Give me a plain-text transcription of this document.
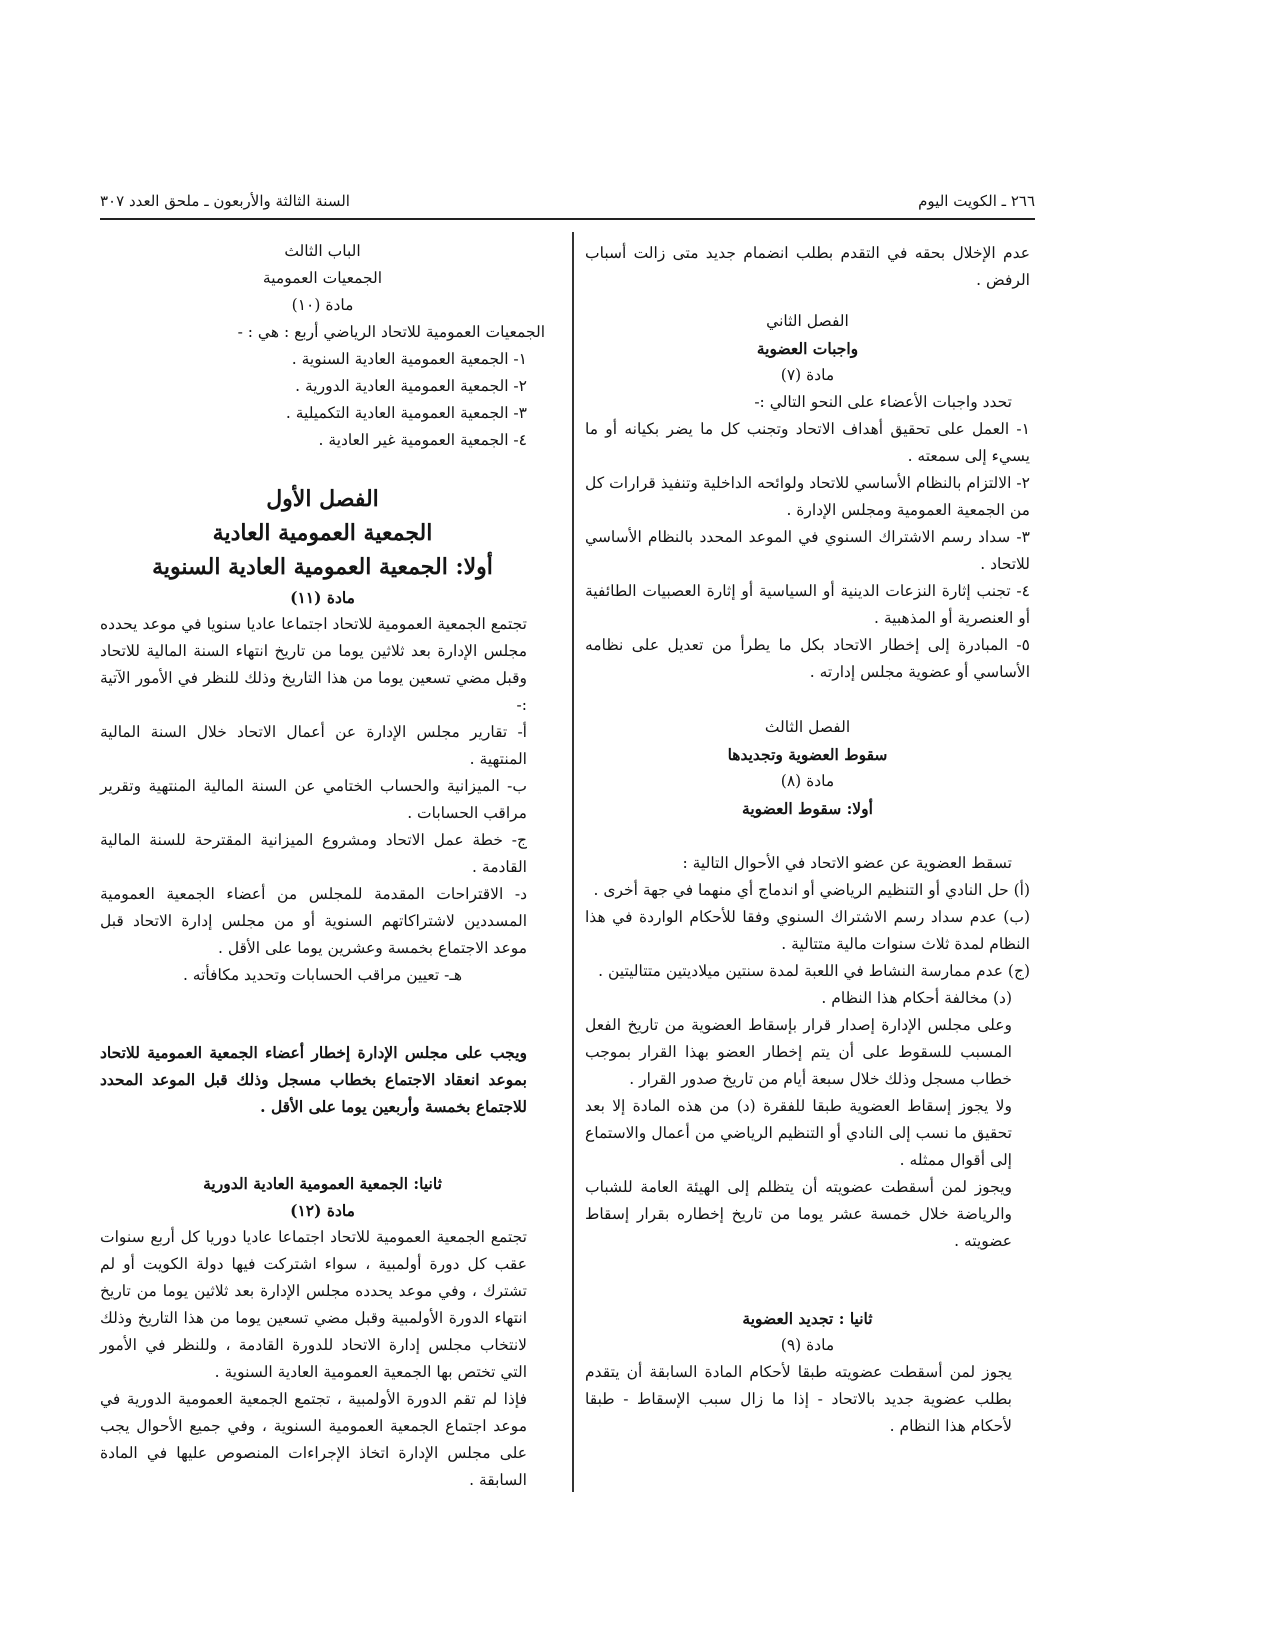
٢٦٦ ـ الكويت اليوم
السنة الثالثة والأربعون ـ ملحق العدد ٣٠٧

عدم الإخلال بحقه في التقدم بطلب انضمام جديد متى زالت أسباب الرفض .

الفصل الثاني

واجبات العضوية

مادة (٧)

تحدد واجبات الأعضاء على النحو التالي :-

١- العمل على تحقيق أهداف الاتحاد وتجنب كل ما يضر بكيانه أو ما يسيء إلى سمعته .

٢- الالتزام بالنظام الأساسي للاتحاد ولوائحه الداخلية وتنفيذ قرارات كل من الجمعية العمومية ومجلس الإدارة .

٣- سداد رسم الاشتراك السنوي في الموعد المحدد بالنظام الأساسي للاتحاد .

٤- تجنب إثارة النزعات الدينية أو السياسية أو إثارة العصبيات الطائفية أو العنصرية أو المذهبية .

٥- المبادرة إلى إخطار الاتحاد بكل ما يطرأ من تعديل على نظامه الأساسي أو عضوية مجلس إدارته .

الفصل الثالث

سقوط العضوية وتجديدها

مادة (٨)

أولا: سقوط العضوية

تسقط العضوية عن عضو الاتحاد في الأحوال التالية :

(أ) حل النادي أو التنظيم الرياضي أو اندماج أي منهما في جهة أخرى .

(ب) عدم سداد رسم الاشتراك السنوي وفقا للأحكام الواردة في هذا النظام لمدة ثلاث سنوات مالية متتالية .

(ج) عدم ممارسة النشاط في اللعبة لمدة سنتين ميلاديتين متتاليتين .

(د) مخالفة أحكام هذا النظام .

وعلى مجلس الإدارة إصدار قرار بإسقاط العضوية من تاريخ الفعل المسبب للسقوط على أن يتم إخطار العضو بهذا القرار بموجب خطاب مسجل وذلك خلال سبعة أيام من تاريخ صدور القرار .

ولا يجوز إسقاط العضوية طبقا للفقرة (د) من هذه المادة إلا بعد تحقيق ما نسب إلى النادي أو التنظيم الرياضي من أعمال والاستماع إلى أقوال ممثله .

ويجوز لمن أسقطت عضويته أن يتظلم إلى الهيئة العامة للشباب والرياضة خلال خمسة عشر يوما من تاريخ إخطاره بقرار إسقاط عضويته .

ثانيا : تجديد العضوية

مادة (٩)

يجوز لمن أسقطت عضويته طبقا لأحكام المادة السابقة أن يتقدم بطلب عضوية جديد بالاتحاد - إذا ما زال سبب الإسقاط - طبقا لأحكام هذا النظام .

الباب الثالث

الجمعيات العمومية

مادة (١٠)

الجمعيات العمومية للاتحاد الرياضي أربع : هي : -

١- الجمعية العمومية العادية السنوية .

٢- الجمعية العمومية العادية الدورية .

٣- الجمعية العمومية العادية التكميلية .

٤- الجمعية العمومية غير العادية .

الفصل الأول

الجمعية العمومية العادية

أولا: الجمعية العمومية العادية السنوية

مادة (١١)

تجتمع الجمعية العمومية للاتحاد اجتماعا عاديا سنويا في موعد يحدده مجلس الإدارة بعد ثلاثين يوما من تاريخ انتهاء السنة المالية للاتحاد وقبل مضي تسعين يوما من هذا التاريخ وذلك للنظر في الأمور الآتية :-

أ- تقارير مجلس الإدارة عن أعمال الاتحاد خلال السنة المالية المنتهية .

ب- الميزانية والحساب الختامي عن السنة المالية المنتهية وتقرير مراقب الحسابات .

ج- خطة عمل الاتحاد ومشروع الميزانية المقترحة للسنة المالية القادمة .

د- الاقتراحات المقدمة للمجلس من أعضاء الجمعية العمومية المسددين لاشتراكاتهم السنوية أو من مجلس إدارة الاتحاد قبل موعد الاجتماع بخمسة وعشرين يوما على الأقل .

هـ- تعيين مراقب الحسابات وتحديد مكافأته .

ويجب على مجلس الإدارة إخطار أعضاء الجمعية العمومية للاتحاد بموعد انعقاد الاجتماع بخطاب مسجل وذلك قبل الموعد المحدد للاجتماع بخمسة وأربعين يوما على الأقل .

ثانيا: الجمعية العمومية العادية الدورية

مادة (١٢)

تجتمع الجمعية العمومية للاتحاد اجتماعا عاديا دوريا كل أربع سنوات عقب كل دورة أولمبية ، سواء اشتركت فيها دولة الكويت أو لم تشترك ، وفي موعد يحدده مجلس الإدارة بعد ثلاثين يوما من تاريخ انتهاء الدورة الأولمبية وقبل مضي تسعين يوما من هذا التاريخ وذلك لانتخاب مجلس إدارة الاتحاد للدورة القادمة ، وللنظر في الأمور التي تختص بها الجمعية العمومية العادية السنوية .

فإذا لم تقم الدورة الأولمبية ، تجتمع الجمعية العمومية الدورية في موعد اجتماع الجمعية العمومية السنوية ، وفي جميع الأحوال يجب على مجلس الإدارة اتخاذ الإجراءات المنصوص عليها في المادة السابقة .
